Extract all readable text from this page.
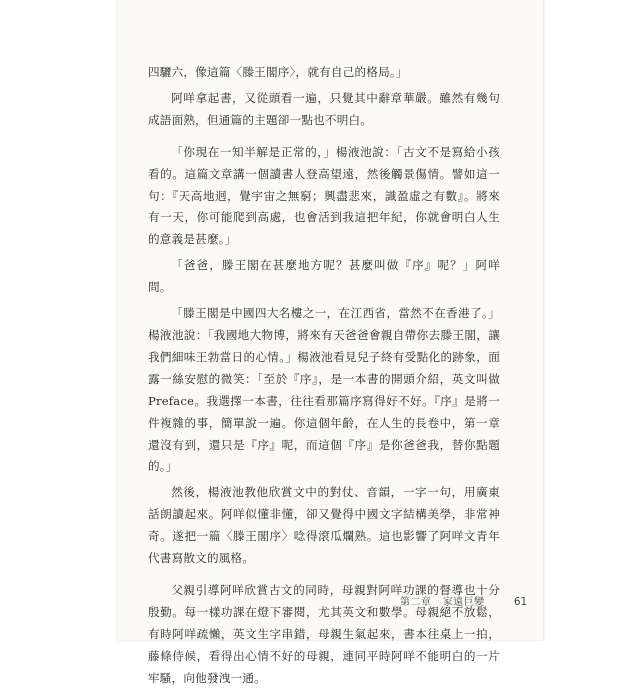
四驪六，像這篇〈滕王閣序〉，就有自己的格局。」

阿咩拿起書，又從頭看一遍，只覺其中辭章華嚴。雖然有幾句成語面熟，但通篇的主題卻一點也不明白。

「你現在一知半解是正常的，」楊液池說：「古文不是寫給小孩看的。這篇文章講一個讀書人登高望遠，然後觸景傷情。譬如這一句：『天高地迥，覺宇宙之無窮；興盡悲來，識盈虛之有數』。將來有一天，你可能爬到高處，也會活到我這把年紀，你就會明白人生的意義是甚麼。」

「爸爸，滕王閣在甚麼地方呢？甚麼叫做『序』呢？」阿咩問。

「滕王閣是中國四大名樓之一，在江西省，當然不在香港了。」楊液池說：「我國地大物博，將來有天爸爸會親自帶你去滕王閣，讓我們細味王勃當日的心情。」楊液池看見兒子終有受點化的跡象，面露一絲安慰的微笑：「至於『序』，是一本書的開頭介紹，英文叫做 Preface。我選擇一本書，往往看那篇序寫得好不好。『序』是將一件複雜的事，簡單說一遍。你這個年齡，在人生的長卷中，第一章還沒有到，還只是『序』呢，而這個『序』是你爸爸我，替你點題的。」

然後，楊液池教他欣賞文中的對仗、音韻，一字一句，用廣東話朗讀起來。阿咩似懂非懂，卻又覺得中國文字結構美學，非常神奇。遂把一篇〈滕王閣序〉唸得滾瓜爛熟。這也影響了阿咩文青年代書寫散文的風格。

父親引導阿咩欣賞古文的同時，母親對阿咩功課的督導也十分殷勤。每一樣功課在燈下審閱，尤其英文和數學。母親絕不放鬆，有時阿咩疏懶，英文生字串錯，母親生氣起來，書本往桌上一拍，藤條侍候，看得出心情不好的母親，連同平時阿咩不能明白的一片牢騷，向他發洩一通。

第二章 家遠巨變	61
